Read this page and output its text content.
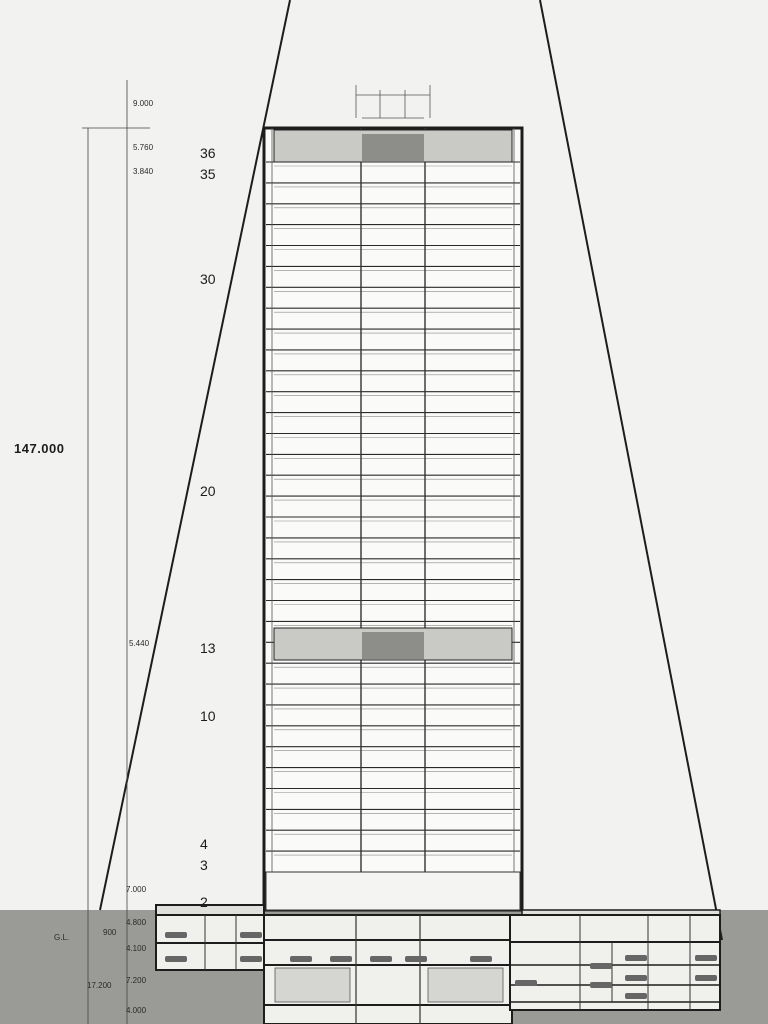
147.000
9.000
5.760
3.840
5.440
7.000
4.800
900
4.100
7.200
17.200
4.000
G.L.
36
35
30
20
13
10
4
3
2
